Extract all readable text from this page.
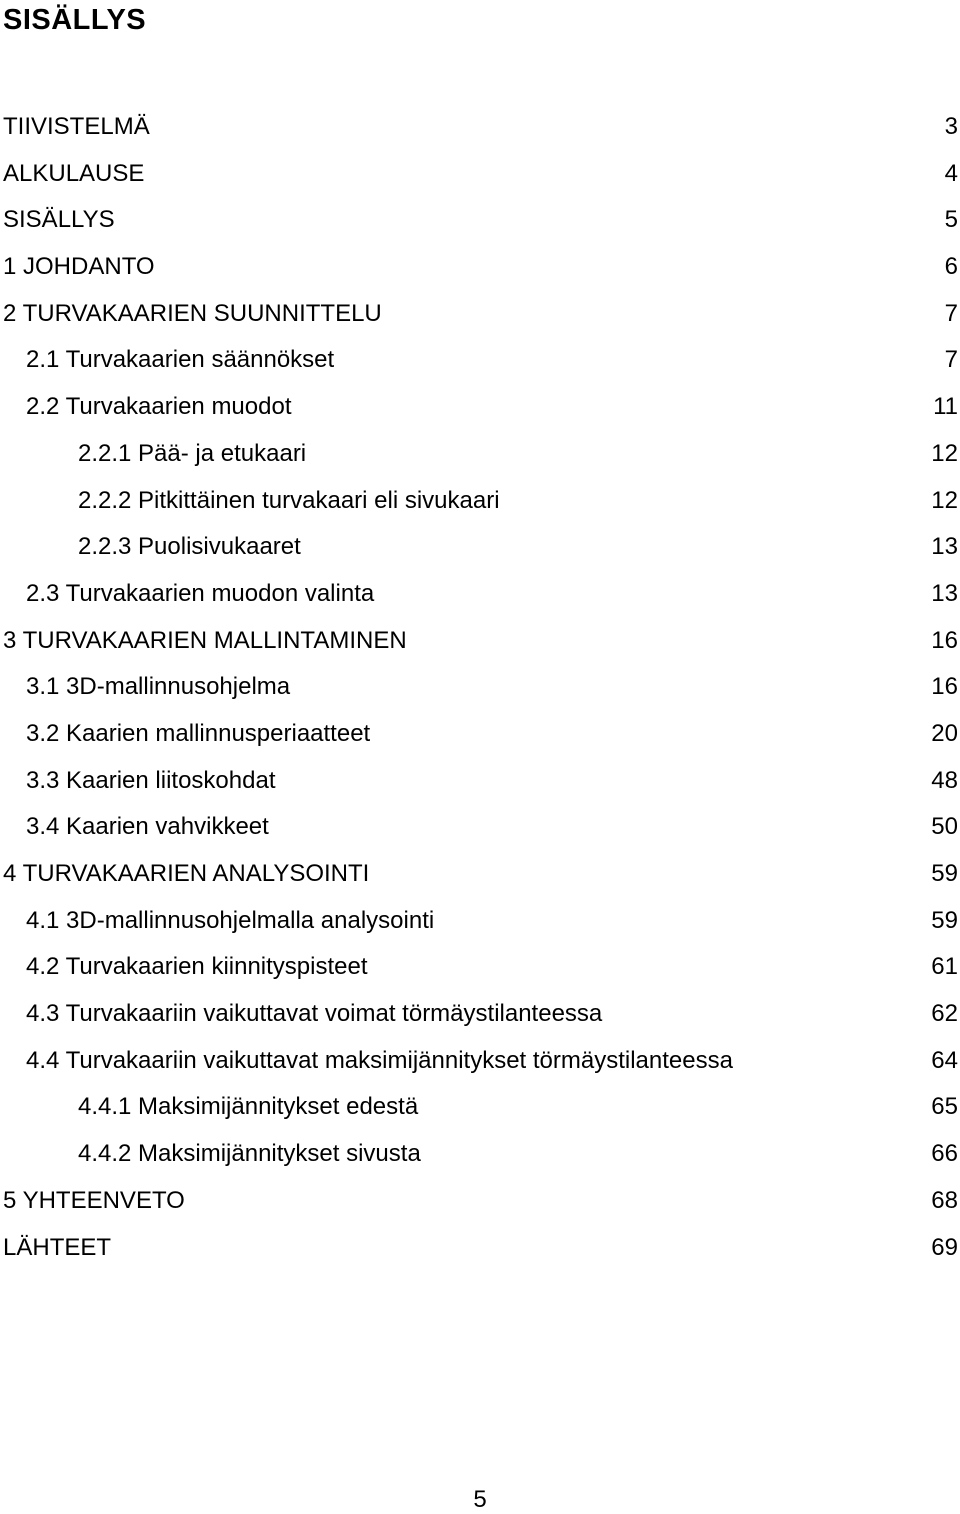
SISÄLLYS
TIIVISTELMÄ	3
ALKULAUSE	4
SISÄLLYS	5
1 JOHDANTO	6
2 TURVAKAARIEN SUUNNITTELU	7
2.1 Turvakaarien säännökset	7
2.2 Turvakaarien muodot	11
2.2.1 Pää- ja etukaari	12
2.2.2 Pitkittäinen turvakaari eli sivukaari	12
2.2.3 Puolisivukaaret	13
2.3 Turvakaarien muodon valinta	13
3 TURVAKAARIEN MALLINTAMINEN	16
3.1 3D-mallinnusohjelma	16
3.2 Kaarien mallinnusperiaatteet	20
3.3 Kaarien liitoskohdat	48
3.4 Kaarien vahvikkeet	50
4 TURVAKAARIEN ANALYSOINTI	59
4.1 3D-mallinnusohjelmalla analysointi	59
4.2 Turvakaarien kiinnityspisteet	61
4.3 Turvakaariin vaikuttavat voimat törmäystilanteessa	62
4.4 Turvakaariin vaikuttavat maksimijännitykset törmäystilanteessa	64
4.4.1 Maksimijännitykset edestä	65
4.4.2 Maksimijännitykset sivusta	66
5 YHTEENVETO	68
LÄHTEET	69
5
